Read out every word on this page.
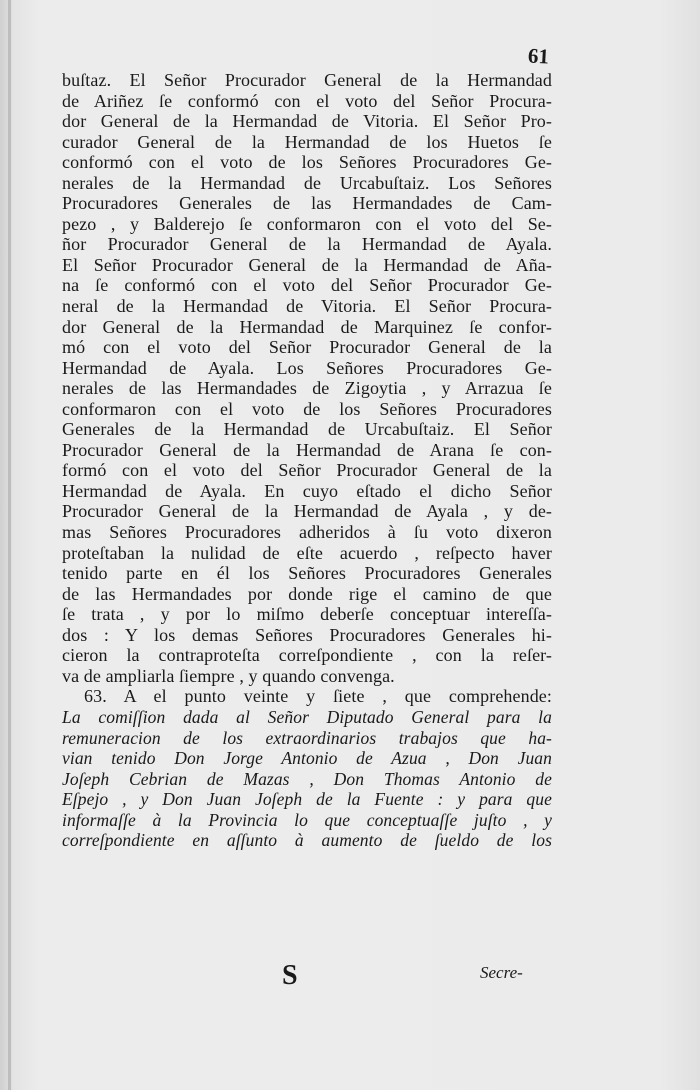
61
buſtaz. El Señor Procurador General de la Hermandad
de Ariñez ſe conformó con el voto del Señor Procura-
dor General de la Hermandad de Vitoria. El Señor Pro-
curador General de la Hermandad de los Huetos ſe
conformó con el voto de los Señores Procuradores Ge-
nerales de la Hermandad de Urcabuſtaiz. Los Señores
Procuradores Generales de las Hermandades de Cam-
pezo , y Balderejo ſe conformaron con el voto del Se-
ñor Procurador General de la Hermandad de Ayala.
El Señor Procurador General de la Hermandad de Aña-
na ſe conformó con el voto del Señor Procurador Ge-
neral de la Hermandad de Vitoria. El Señor Procura-
dor General de la Hermandad de Marquinez ſe confor-
mó con el voto del Señor Procurador General de la
Hermandad de Ayala. Los Señores Procuradores Ge-
nerales de las Hermandades de Zigoytia , y Arrazua ſe
conformaron con el voto de los Señores Procuradores
Generales de la Hermandad de Urcabuſtaiz. El Señor
Procurador General de la Hermandad de Arana ſe con-
formó con el voto del Señor Procurador General de la
Hermandad de Ayala. En cuyo eſtado el dicho Señor
Procurador General de la Hermandad de Ayala , y de-
mas Señores Procuradores adheridos à ſu voto dixeron
proteſtaban la nulidad de eſte acuerdo , reſpecto haver
tenido parte en él los Señores Procuradores Generales
de las Hermandades por donde rige el camino de que
ſe trata , y por lo miſmo deberſe conceptuar intereſſa-
dos : Y los demas Señores Procuradores Generales hi-
cieron la contraproteſta correſpondiente , con la reſer-
va de ampliarla ſiempre , y quando convenga.
63. A el punto veinte y ſiete , que comprehende:
La comiſſion dada al Señor Diputado General para la
remuneracion de los extraordinarios trabajos que ha-
vian tenido Don Jorge Antonio de Azua , Don Juan
Joſeph Cebrian de Mazas , Don Thomas Antonio de
Eſpejo , y Don Juan Joſeph de la Fuente : y para que
informaſſe à la Provincia lo que conceptuaſſe juſto , y
correſpondiente en aſſunto à aumento de ſueldo de los
S	Secre-
